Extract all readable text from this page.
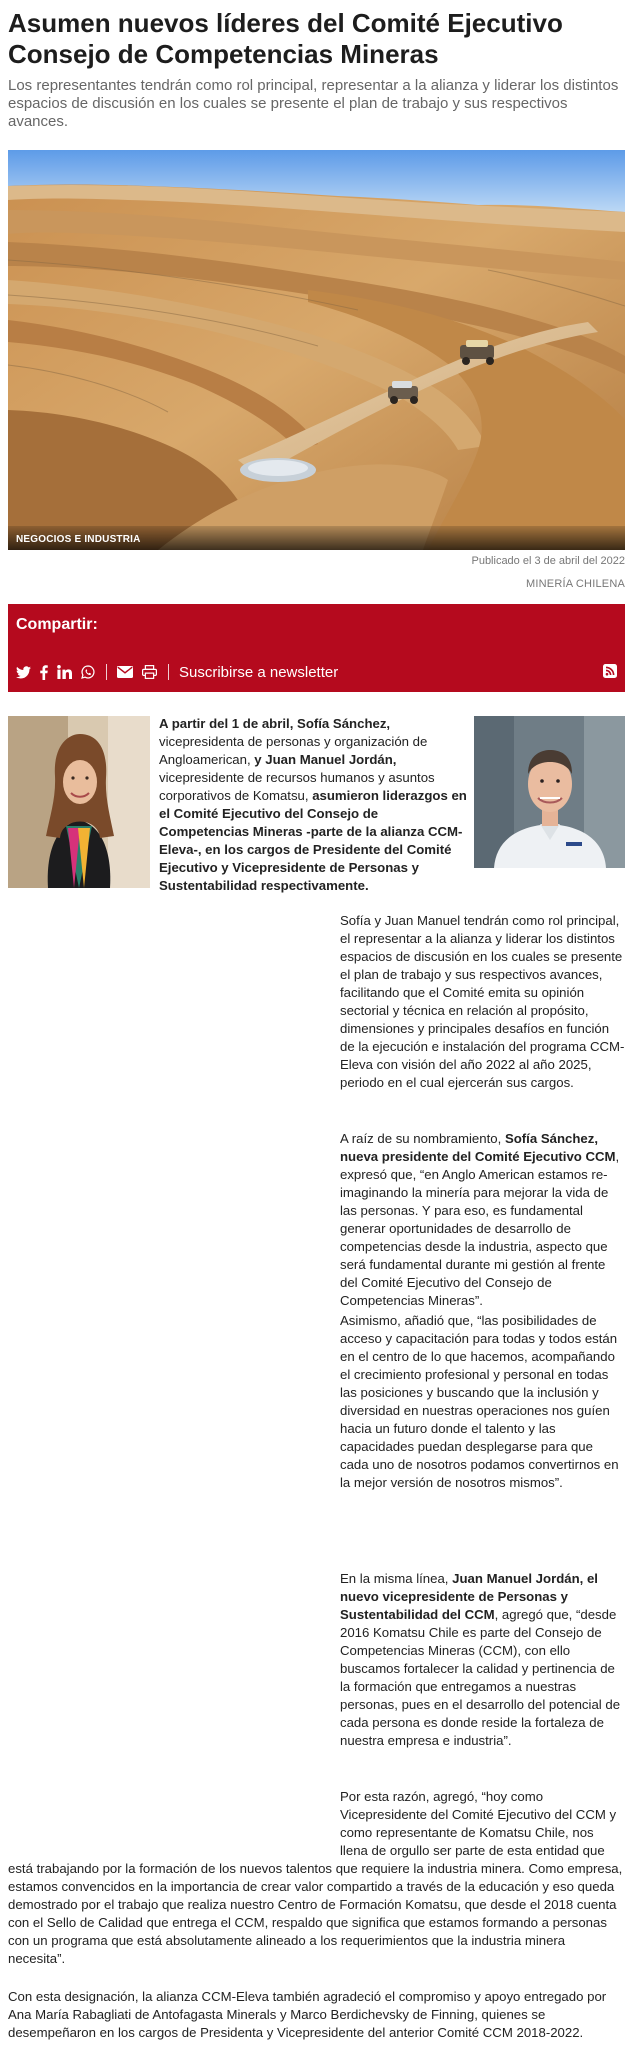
Asumen nuevos líderes del Comité Ejecutivo Consejo de Competencias Mineras

Los representantes tendrán como rol principal, representar a la alianza y liderar los distintos espacios de discusión en los cuales se presente el plan de trabajo y sus respectivos avances.

NEGOCIOS E INDUSTRIA
Publicado el 3 de abril del 2022
MINERÍA CHILENA
Compartir:
Suscribirse a newsletter

A partir del 1 de abril, Sofía Sánchez, vicepresidenta de personas y organización de Angloamerican, y Juan Manuel Jordán, vicepresidente de recursos humanos y asuntos corporativos de Komatsu, asumieron liderazgos en el Comité Ejecutivo del Consejo de Competencias Mineras -parte de la alianza CCM-Eleva-, en los cargos de Presidente del Comité Ejecutivo y Vicepresidente de Personas y Sustentabilidad respectivamente.

Sofía y Juan Manuel tendrán como rol principal, el representar a la alianza y liderar los distintos espacios de discusión en los cuales se presente el plan de trabajo y sus respectivos avances, facilitando que el Comité emita su opinión sectorial y técnica en relación al propósito, dimensiones y principales desafíos en función de la ejecución e instalación del programa CCM-Eleva con visión del año 2022 al año 2025, periodo en el cual ejercerán sus cargos.

A raíz de su nombramiento, Sofía Sánchez, nueva presidente del Comité Ejecutivo CCM, expresó que, “en Anglo American estamos re-imaginando la minería para mejorar la vida de las personas. Y para eso, es fundamental generar oportunidades de desarrollo de competencias desde la industria, aspecto que será fundamental durante mi gestión al frente del Comité Ejecutivo del Consejo de Competencias Mineras”.

Asimismo, añadió que, “las posibilidades de acceso y capacitación para todas y todos están en el centro de lo que hacemos, acompañando el crecimiento profesional y personal en todas las posiciones y buscando que la inclusión y diversidad en nuestras operaciones nos guíen hacia un futuro donde el talento y las capacidades puedan desplegarse para que cada uno de nosotros podamos convertirnos en la mejor versión de nosotros mismos”.

En la misma línea, Juan Manuel Jordán, el nuevo vicepresidente de Personas y Sustentabilidad del CCM, agregó que, “desde 2016 Komatsu Chile es parte del Consejo de Competencias Mineras (CCM), con ello buscamos fortalecer la calidad y pertinencia de la formación que entregamos a nuestras personas, pues en el desarrollo del potencial de cada persona es donde reside la fortaleza de nuestra empresa e industria”.

Por esta razón, agregó, “hoy como Vicepresidente del Comité Ejecutivo del CCM y como representante de Komatsu Chile, nos llena de orgullo ser parte de esta entidad que

está trabajando por la formación de los nuevos talentos que requiere la industria minera. Como empresa, estamos convencidos en la importancia de crear valor compartido a través de la educación y eso queda demostrado por el trabajo que realiza nuestro Centro de Formación Komatsu, que desde el 2018 cuenta con el Sello de Calidad que entrega el CCM, respaldo que significa que estamos formando a personas con un programa que está absolutamente alineado a los requerimientos que la industria minera necesita”.

Con esta designación, la alianza CCM-Eleva también agradeció el compromiso y apoyo entregado por Ana María Rabagliati de Antofagasta Minerals y Marco Berdichevsky de Finning, quienes se desempeñaron en los cargos de Presidenta y Vicepresidente del anterior Comité CCM 2018-2022.
